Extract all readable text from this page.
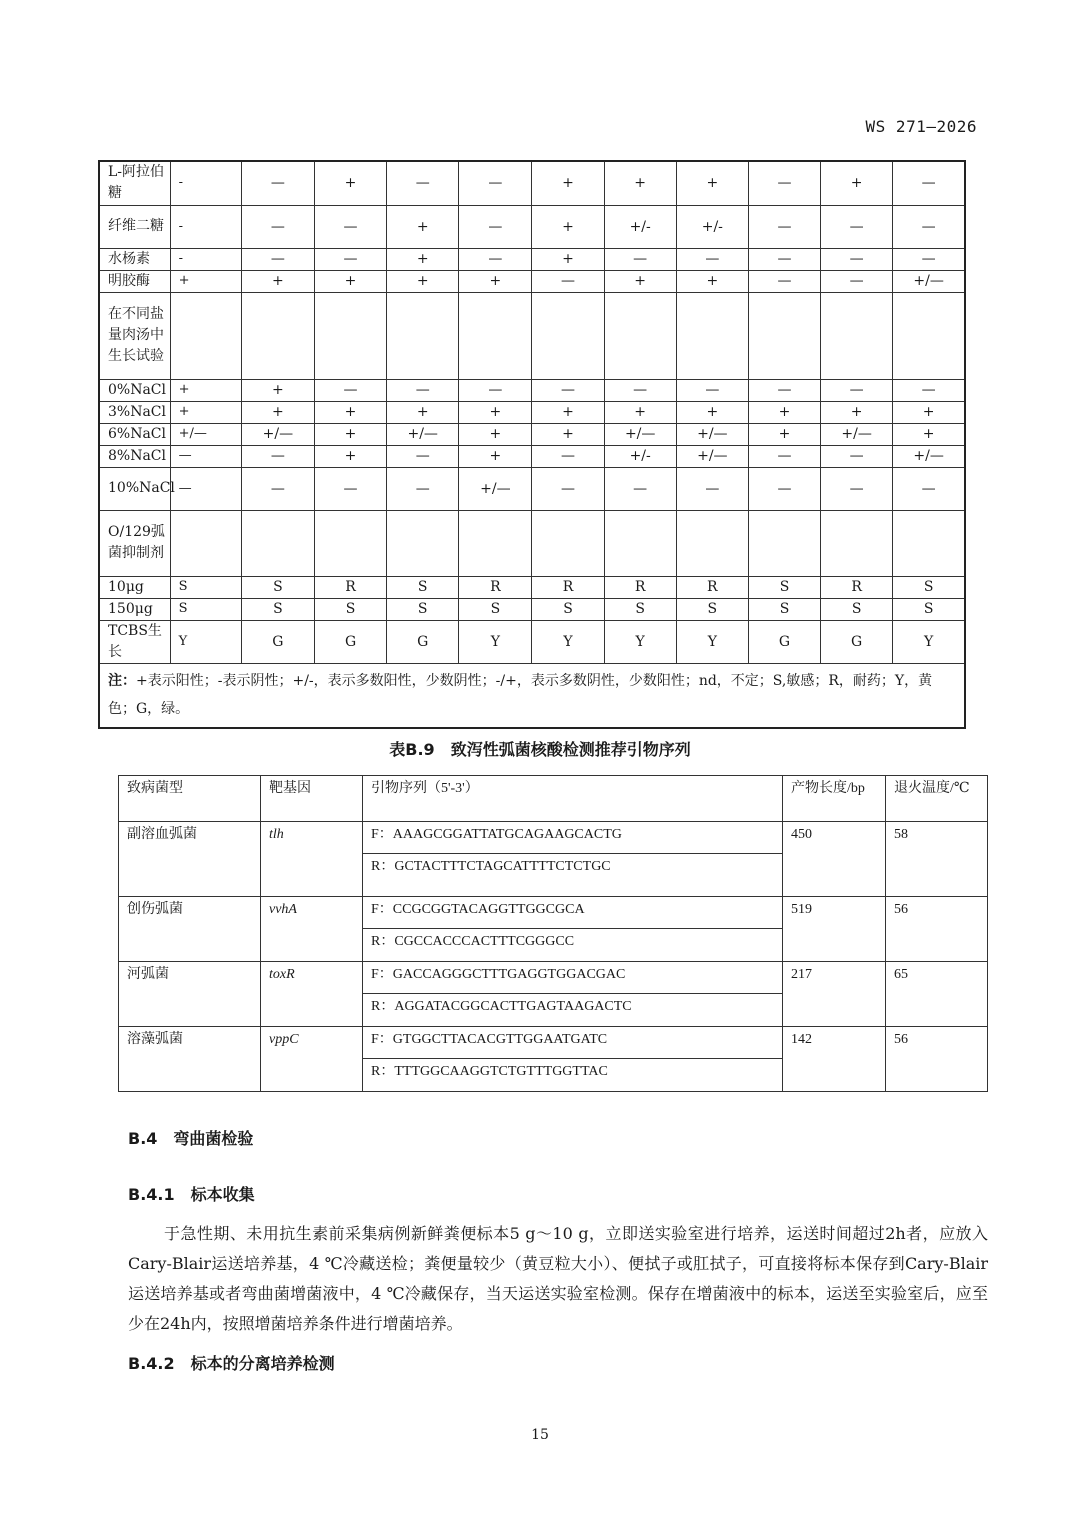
WS 271—2026
L-阿拉伯糖	-	—	+	—	—	+	+	+	—	+	—
纤维二糖	-	—	—	+	—	+	+/-	+/-	—	—	—
水杨素	-	—	—	+	—	+	—	—	—	—	—
明胶酶	+	+	+	+	+	—	+	+	—	—	+/—
在不同盐量肉汤中生长试验											
0%NaCl	+	+	—	—	—	—	—	—	—	—	—
3%NaCl	+	+	+	+	+	+	+	+	+	+	+
6%NaCl	+/—	+/—	+	+/—	+	+	+/—	+/—	+	+/—	+
8%NaCl	—	—	+	—	+	—	+/-	+/—	—	—	+/—
10%NaCl	—	—	—	—	+/—	—	—	—	—	—	—
O/129弧菌抑制剂											
10μg	S	S	R	S	R	R	R	R	S	R	S
150μg	S	S	S	S	S	S	S	S	S	S	S
TCBS生长	Y	G	G	G	Y	Y	Y	Y	G	G	Y
注：+表示阳性；-表示阴性；+/-，表示多数阳性，少数阴性；-/+，表示多数阴性，少数阳性；nd，不定；S,敏感；R，耐药；Y，黄色；G，绿。											
表B.9　致泻性弧菌核酸检测推荐引物序列
致病菌型	靶基因	引物序列（5'-3'）	产物长度/bp	退火温度/℃
副溶血弧菌	tlh	F：AAAGCGGATTATGCAGAAGCACTG	450	58
		R：GCTACTTTCTAGCATTTTCTCTGC		
创伤弧菌	vvhA	F：CCGCGGTACAGGTTGGCGCA	519	56
		R：CGCCACCCACTTTCGGGCC		
河弧菌	toxR	F：GACCAGGGCTTTGAGGTGGACGAC	217	65
		R：AGGATACGGCACTTGAGTAAGACTC		
溶藻弧菌	vppC	F：GTGGCTTACACGTTGGAATGATC	142	56
		R：TTTGGCAAGGTCTGTTTGGTTAC		
B.4　弯曲菌检验
B.4.1　标本收集
于急性期、未用抗生素前采集病例新鲜粪便标本5 g～10 g，立即送实验室进行培养，运送时间超过2h者，应放入Cary-Blair运送培养基，4 ℃冷藏送检；粪便量较少（黄豆粒大小）、便拭子或肛拭子，可直接将标本保存到Cary-Blair运送培养基或者弯曲菌增菌液中，4 ℃冷藏保存，当天运送实验室检测。保存在增菌液中的标本，运送至实验室后，应至少在24h内，按照增菌培养条件进行增菌培养。
B.4.2　标本的分离培养检测
15
